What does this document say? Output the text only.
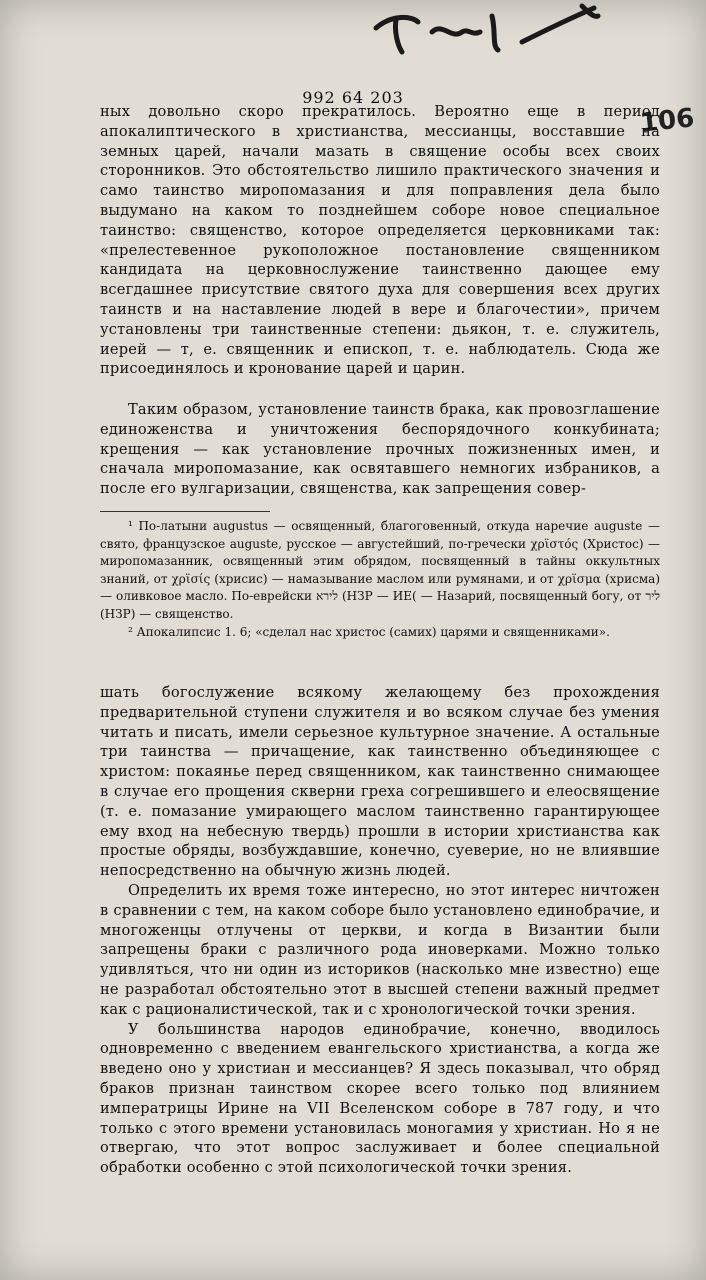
106
992 64 203

ных довольно скоро прекратилось. Вероятно еще в период апокалиптического в христианства, мессианцы, восставшие на земных царей, начали мазать в священие особы всех своих сторонников. Это обстоятельство лишило практического значения и само таинство миропомазания и для поправления дела было выдумано на каком то позднейшем соборе новое специальное таинство: священство, которое определяется церковниками так: «прелестевенное рукоположное постановление священником кандидата на церковнослужение таинственно дающее ему всегдашнее присутствие святого духа для совершения всех других таинств и на наставление людей в вере и благочестии», причем установлены три таинственные степени: дьякон, т. е. служитель, иерей — т, е. священник и епископ, т. е. наблюдатель. Сюда же присоединялось и кронование царей и царин.

Таким образом, установление таинств брака, как провозглашение единоженства и уничтожения беспорядочного конкубината; крещения — как установление прочных пожизненных имен, и сначала миропомазание, как освятавшего немногих избраников, а после его вулгаризации, священства, как запрещения совер-

¹ По-латыни augustus — освященный, благоговенный, откуда наречие auguste — свято, французское auguste, русское — августейший, по-гречески χρϊστός (Христос) — миропомазанник, освященный этим обрядом, посвященный в тайны оккультных знаний, от χρϊσίς (хрисис) — намазывание маслом или румянами, и от χρϊσμα (хрисма) — оливковое масло. По-еврейски לירא (НЗР — ИЕ( — Назарий, посвященный богу, от ליר (НЗР) — священство.

² Апокалипсис 1. 6; «сделал нас христос (самих) царями и священниками».

шать богослужение всякому желающему без прохождения предварительной ступени служителя и во всяком случае без умения читать и писать, имели серьезное культурное значение. А остальные три таинства — причащение, как таинственно объединяющее с христом: покаянье перед священником, как таинственно снимающее в случае его прощения скверни греха согрешившего и елеосвящение (т. е. помазание умирающего маслом таинственно гарантирующее ему вход на небесную твердь) прошли в истории христианства как простые обряды, возбуждавшие, конечно, суеверие, но не влиявшие непосредственно на обычную жизнь людей.

Определить их время тоже интересно, но этот интерес ничтожен в сравнении с тем, на каком соборе было установлено единобрачие, и многоженцы отлучены от церкви, и когда в Византии были запрещены браки с различного рода иноверками. Можно только удивляться, что ни один из историков (насколько мне известно) еще не разработал обстоятельно этот в высшей степени важный предмет как с рационалистической, так и с хронологической точки зрения.

У большинства народов единобрачие, конечно, вводилось одновременно с введением евангельского христианства, а когда же введено оно у христиан и мессианцев? Я здесь показывал, что обряд браков признан таинством скорее всего только под влиянием императрицы Ирине на VII Вселенском соборе в 787 году, и что только с этого времени установилась моногамия у христиан. Но я не отвергаю, что этот вопрос заслуживает и более специальной обработки особенно с этой психологической точки зрения.
